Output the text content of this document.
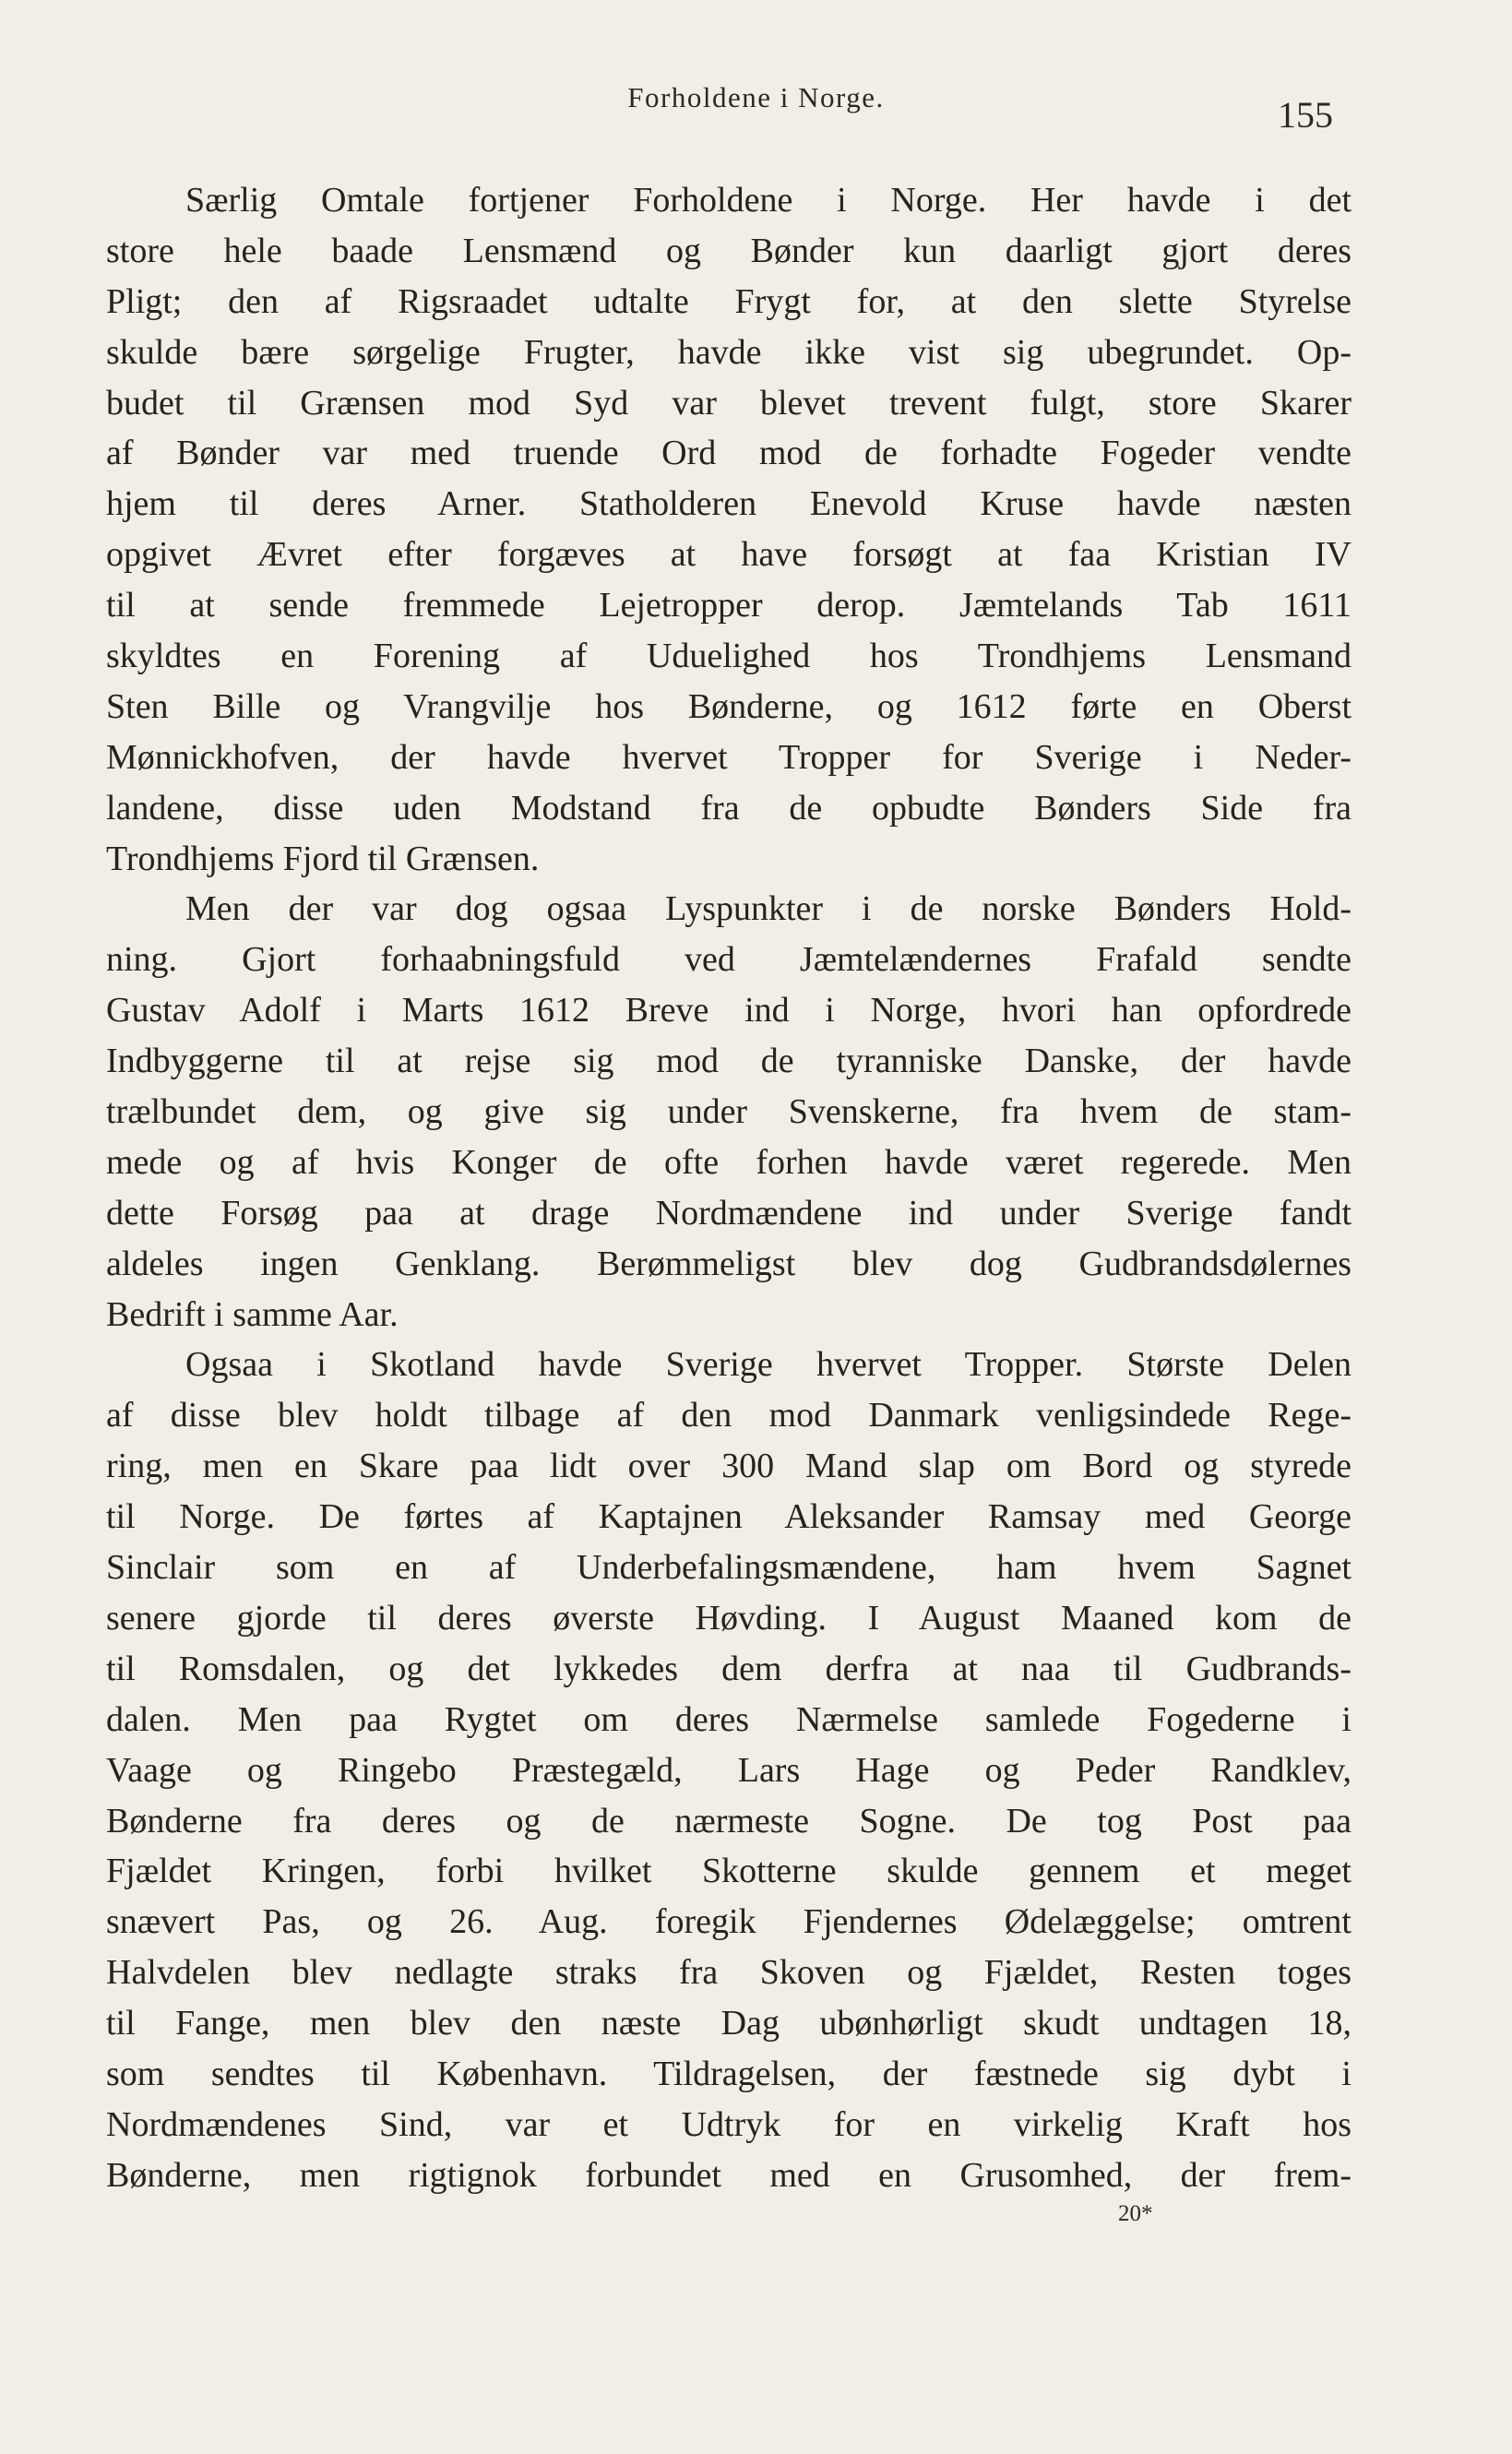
Forholdene i Norge.	155
Særlig Omtale fortjener Forholdene i Norge. Her havde i det
store hele baade Lensmænd og Bønder kun daarligt gjort deres
Pligt; den af Rigsraadet udtalte Frygt for, at den slette Styrelse
skulde bære sørgelige Frugter, havde ikke vist sig ubegrundet. Op-
budet til Grænsen mod Syd var blevet trevent fulgt, store Skarer
af Bønder var med truende Ord mod de forhadte Fogeder vendte
hjem til deres Arner. Statholderen Enevold Kruse havde næsten
opgivet Ævret efter forgæves at have forsøgt at faa Kristian IV
til at sende fremmede Lejetropper derop. Jæmtelands Tab 1611
skyldtes en Forening af Uduelighed hos Trondhjems Lensmand
Sten Bille og Vrangvilje hos Bønderne, og 1612 førte en Oberst
Mønnickhofven, der havde hvervet Tropper for Sverige i Neder-
landene, disse uden Modstand fra de opbudte Bønders Side fra
Trondhjems Fjord til Grænsen.
Men der var dog ogsaa Lyspunkter i de norske Bønders Hold-
ning. Gjort forhaabningsfuld ved Jæmtelændernes Frafald sendte
Gustav Adolf i Marts 1612 Breve ind i Norge, hvori han opfordrede
Indbyggerne til at rejse sig mod de tyranniske Danske, der havde
trælbundet dem, og give sig under Svenskerne, fra hvem de stam-
mede og af hvis Konger de ofte forhen havde været regerede. Men
dette Forsøg paa at drage Nordmændene ind under Sverige fandt
aldeles ingen Genklang. Berømmeligst blev dog Gudbrandsdølernes
Bedrift i samme Aar.
Ogsaa i Skotland havde Sverige hvervet Tropper. Største Delen
af disse blev holdt tilbage af den mod Danmark venligsindede Rege-
ring, men en Skare paa lidt over 300 Mand slap om Bord og styrede
til Norge. De førtes af Kaptajnen Aleksander Ramsay med George
Sinclair som en af Underbefalingsmændene, ham hvem Sagnet
senere gjorde til deres øverste Høvding. I August Maaned kom de
til Romsdalen, og det lykkedes dem derfra at naa til Gudbrands-
dalen. Men paa Rygtet om deres Nærmelse samlede Fogederne i
Vaage og Ringebo Præstegæld, Lars Hage og Peder Randklev,
Bønderne fra deres og de nærmeste Sogne. De tog Post paa
Fjældet Kringen, forbi hvilket Skotterne skulde gennem et meget
snævert Pas, og 26. Aug. foregik Fjendernes Ødelæggelse; omtrent
Halvdelen blev nedlagte straks fra Skoven og Fjældet, Resten toges
til Fange, men blev den næste Dag ubønhørligt skudt undtagen 18,
som sendtes til København. Tildragelsen, der fæstnede sig dybt i
Nordmændenes Sind, var et Udtryk for en virkelig Kraft hos
Bønderne, men rigtignok forbundet med en Grusomhed, der frem-
20*
